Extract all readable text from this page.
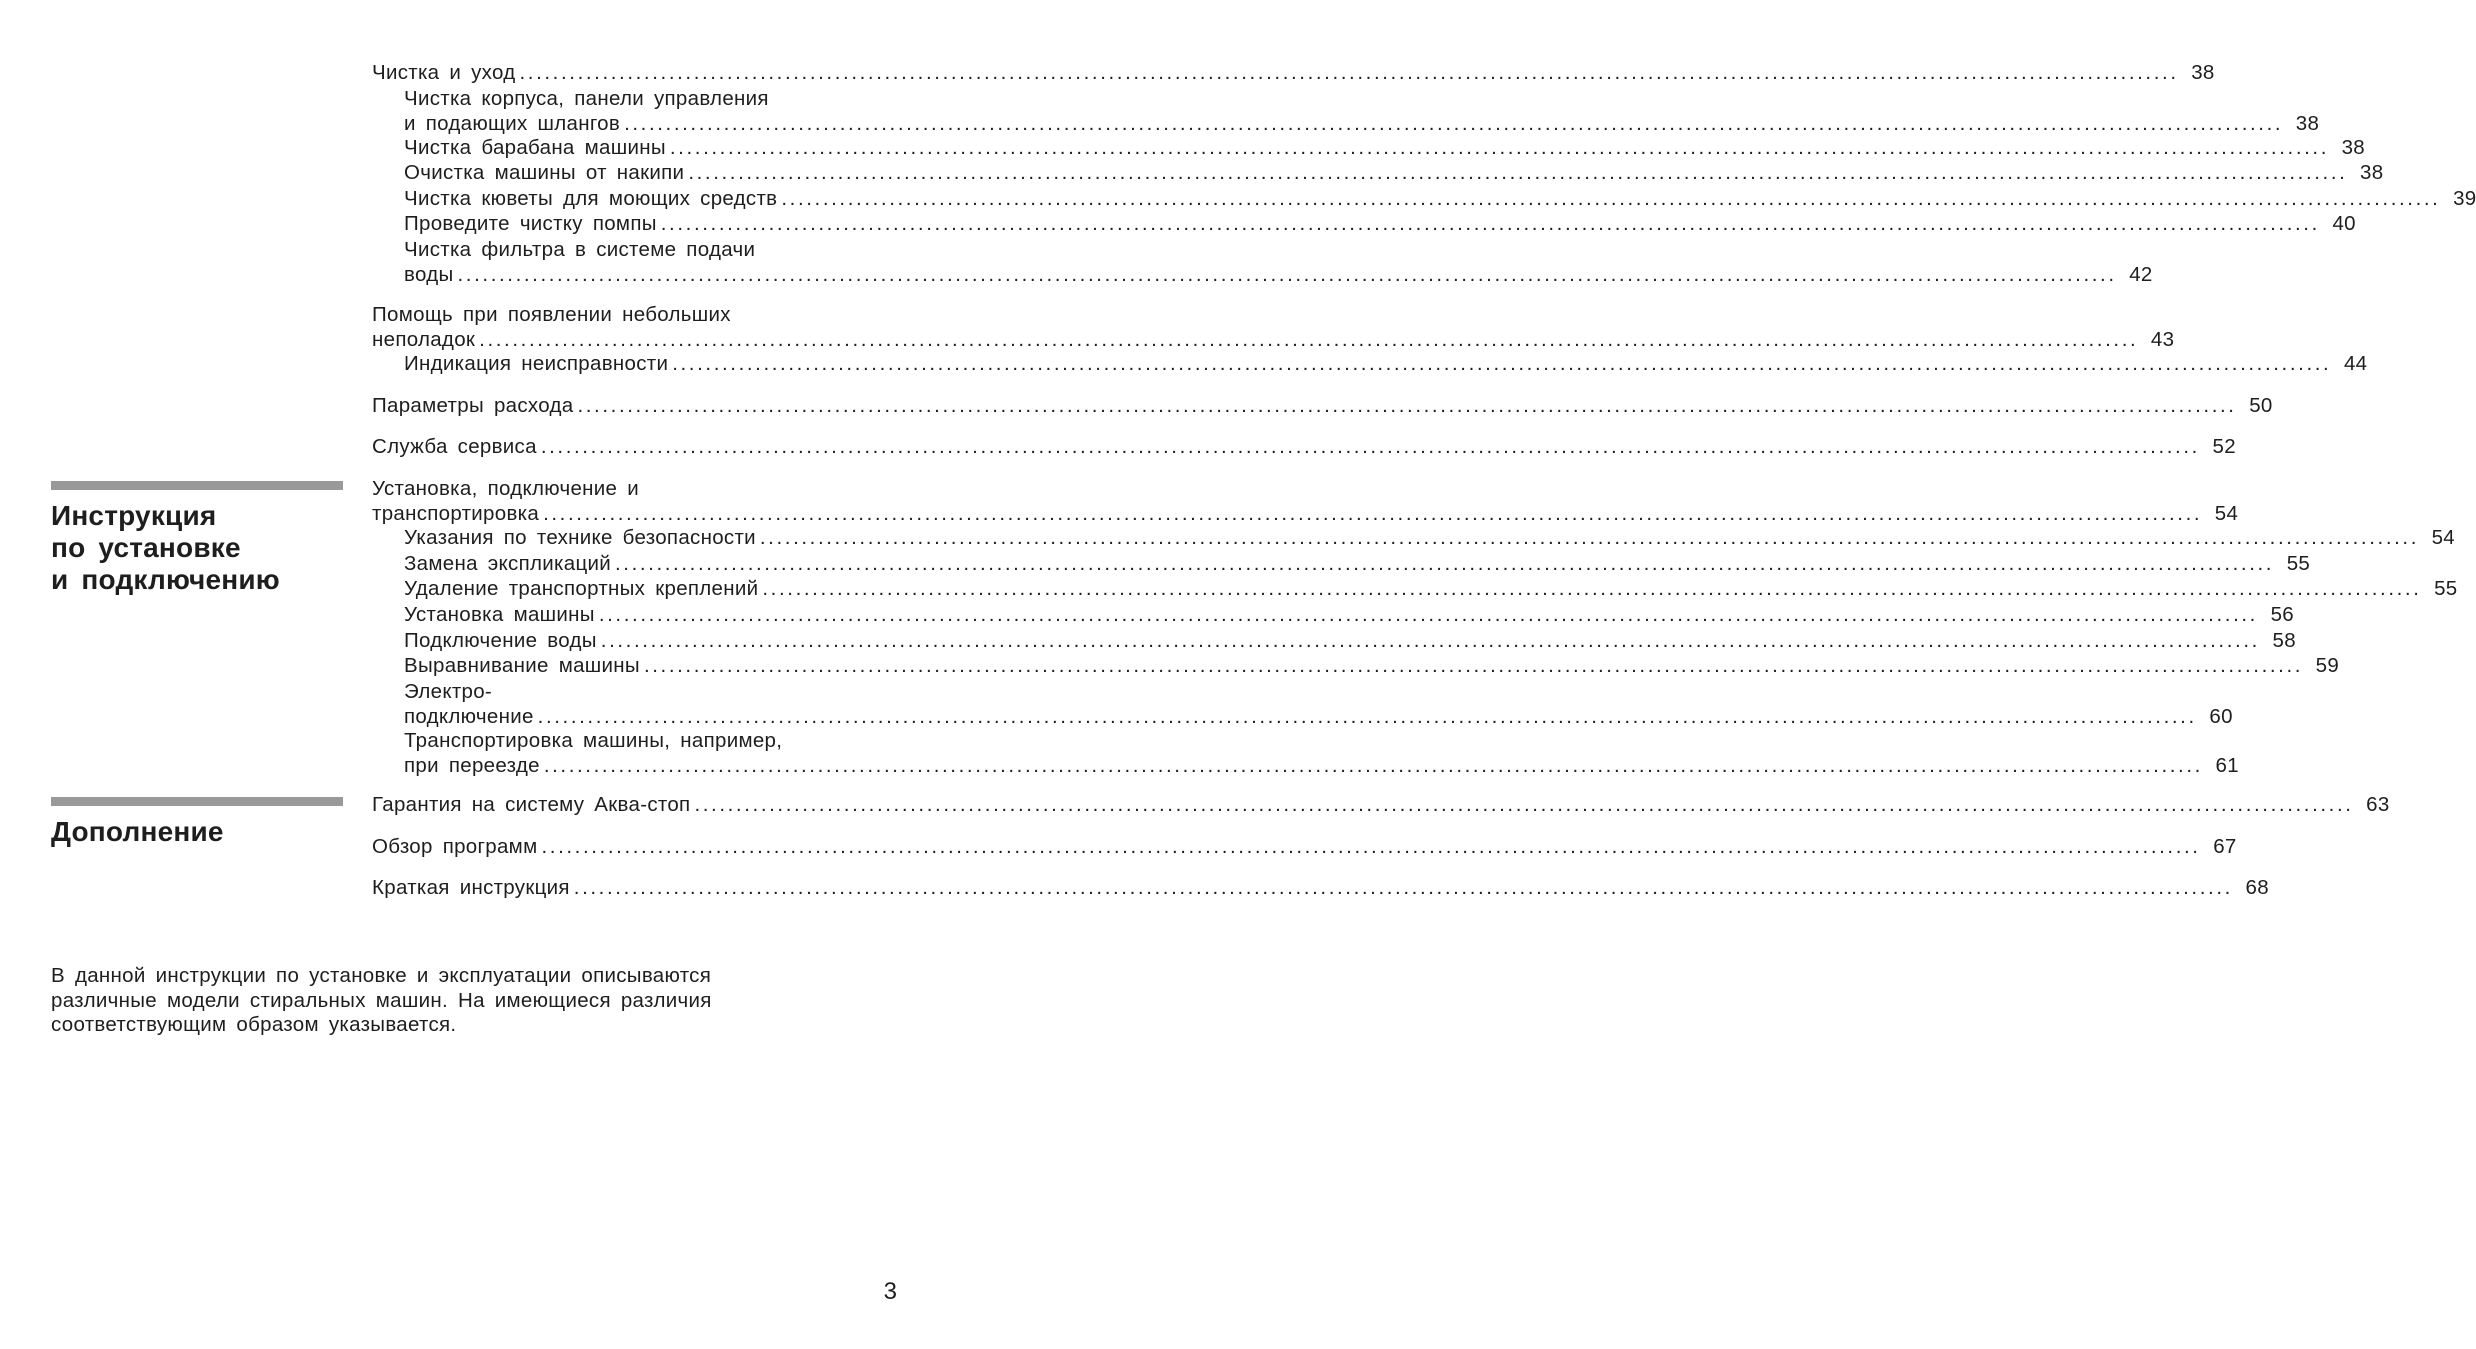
Инструкция
по установке
и подключению
Дополнение
Чистка и уход ........................................................................................................................................................................................................ 38
Чистка корпуса, панели управления
и подающих шлангов ........................................................................................................................................................................................................ 38
Чистка барабана машины ........................................................................................................................................................................................................ 38
Очистка машины от накипи ........................................................................................................................................................................................................ 38
Чистка кюветы для моющих средств ........................................................................................................................................................................................................ 39
Проведите чистку помпы ........................................................................................................................................................................................................ 40
Чистка фильтра в системе подачи
воды ........................................................................................................................................................................................................ 42
Помощь при появлении небольших
неполадок ........................................................................................................................................................................................................ 43
Индикация неисправности ........................................................................................................................................................................................................ 44
Параметры расхода ........................................................................................................................................................................................................ 50
Служба сервиса ........................................................................................................................................................................................................ 52
Установка, подключение и
транспортировка ........................................................................................................................................................................................................ 54
Указания по технике безопасности ........................................................................................................................................................................................................ 54
Замена экспликаций ........................................................................................................................................................................................................ 55
Удаление транспортных креплений ........................................................................................................................................................................................................ 55
Установка машины ........................................................................................................................................................................................................ 56
Подключение воды ........................................................................................................................................................................................................ 58
Выравнивание машины ........................................................................................................................................................................................................ 59
Электро-
подключение ........................................................................................................................................................................................................ 60
Транспортировка машины, например,
при переезде ........................................................................................................................................................................................................ 61
Гарантия на систему Аква-стоп ........................................................................................................................................................................................................ 63
Обзор программ ........................................................................................................................................................................................................ 67
Краткая инструкция ........................................................................................................................................................................................................ 68
В данной инструкции по установке и эксплуатации описываются
различные модели стиральных машин. На имеющиеся различия
соответствующим образом указывается.
3
